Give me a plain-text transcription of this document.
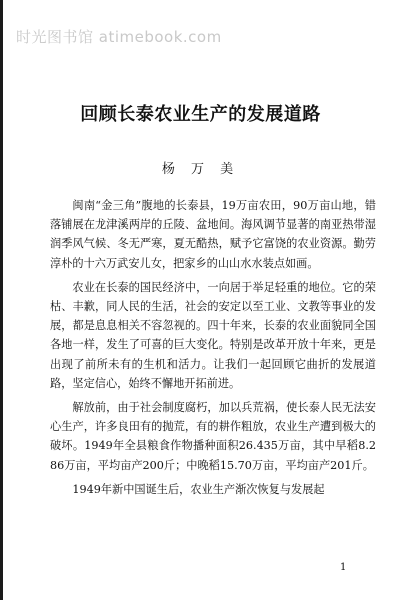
时光图书馆 atimebook.com
回顾长泰农业生产的发展道路
杨 万 美

闽南“金三角”腹地的长泰县，19万亩农田，90万亩山地，错落铺展在龙津溪两岸的丘陵、盆地间。海风调节显著的南亚热带湿润季风气候、冬无严寒，夏无酷热，赋予它富饶的农业资源。勤劳淳朴的十六万武安儿女，把家乡的山山水水装点如画。

农业在长泰的国民经济中，一向居于举足轻重的地位。它的荣枯、丰歉，同人民的生活，社会的安定以至工业、文教等事业的发展，都是息息相关不容忽视的。四十年来，长泰的农业面貌同全国各地一样，发生了可喜的巨大变化。特别是改革开放十年来，更是出现了前所未有的生机和活力。让我们一起回顾它曲折的发展道路，坚定信心，始终不懈地开拓前进。

解放前，由于社会制度腐朽，加以兵荒祸，使长泰人民无法安心生产，许多良田有的抛荒，有的耕作粗放，农业生产遭到极大的破坏。1949年全县粮食作物播种面积26.435万亩，其中早稻8.286万亩，平均亩产200斤；中晚稻15.70万亩，平均亩产201斤。

1949年新中国诞生后，农业生产渐次恢复与发展起

1
